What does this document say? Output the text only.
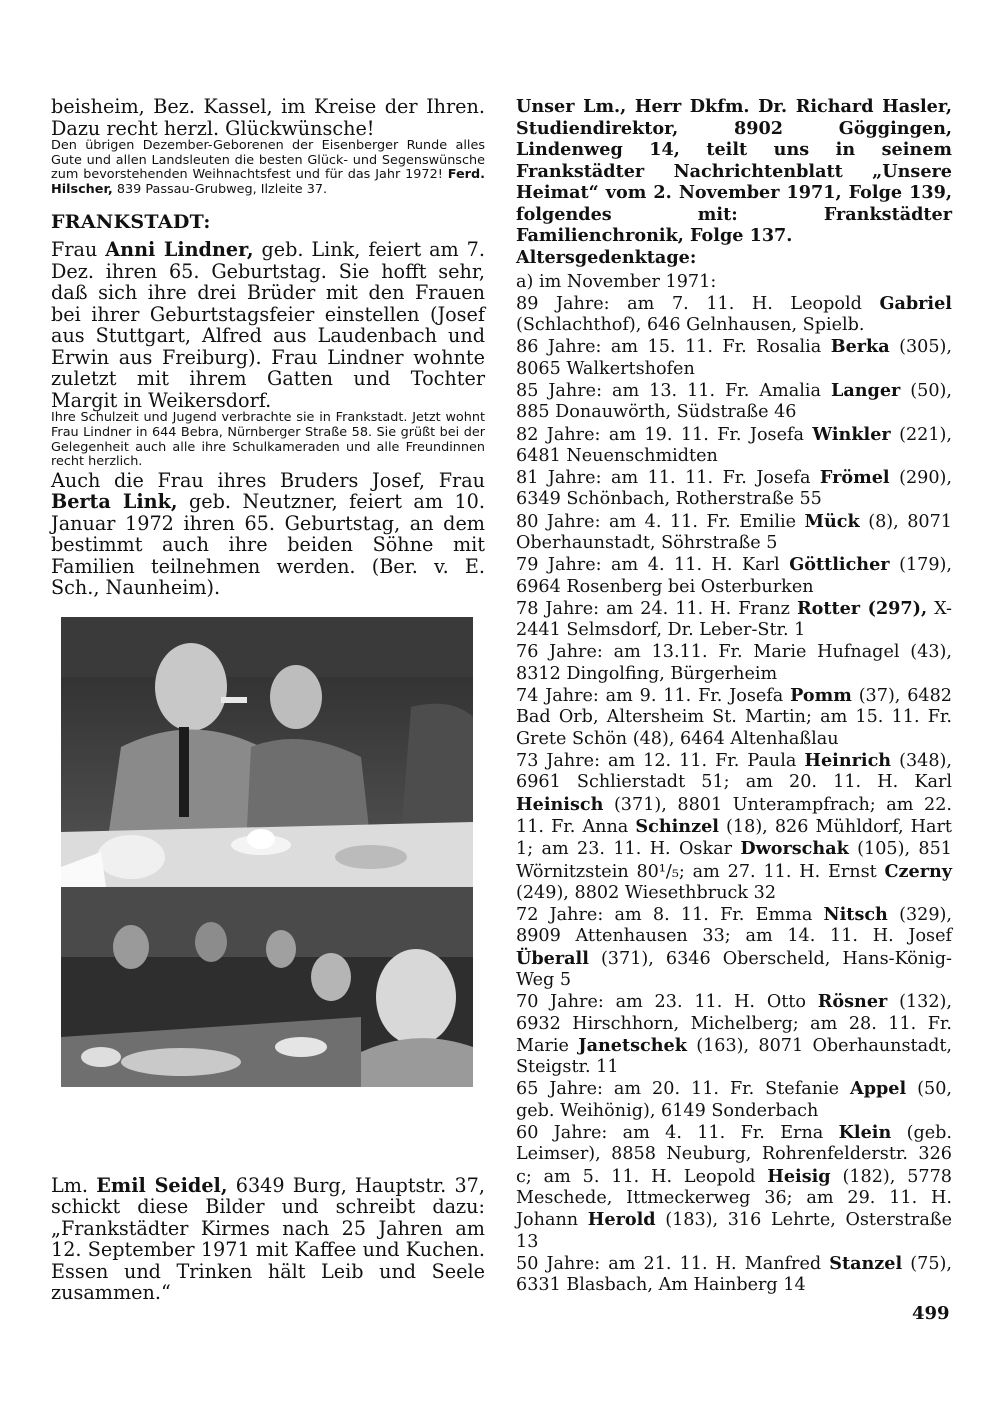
beisheim, Bez. Kassel, im Kreise der Ihren. Dazu recht herzl. Glückwünsche!

Den übrigen Dezember-Geborenen der Eisenberger Runde alles Gute und allen Landsleuten die besten Glück- und Segenswünsche zum bevorstehenden Weihnachtsfest und für das Jahr 1972! Ferd. Hilscher, 839 Passau-Grubweg, Ilzleite 37.

FRANKSTADT:

Frau Anni Lindner, geb. Link, feiert am 7. Dez. ihren 65. Geburtstag. Sie hofft sehr, daß sich ihre drei Brüder mit den Frauen bei ihrer Geburtstagsfeier einstellen (Josef aus Stuttgart, Alfred aus Laudenbach und Erwin aus Freiburg). Frau Lindner wohnte zuletzt mit ihrem Gatten und Tochter Margit in Weikersdorf.

Ihre Schulzeit und Jugend verbrachte sie in Frankstadt. Jetzt wohnt Frau Lindner in 644 Bebra, Nürnberger Straße 58. Sie grüßt bei der Gelegenheit auch alle ihre Schulkameraden und alle Freundinnen recht herzlich.

Auch die Frau ihres Bruders Josef, Frau Berta Link, geb. Neutzner, feiert am 10. Januar 1972 ihren 65. Geburtstag, an dem bestimmt auch ihre beiden Söhne mit Familien teilnehmen werden. (Ber. v. E. Sch., Naunheim).

Lm. Emil Seidel, 6349 Burg, Hauptstr. 37, schickt diese Bilder und schreibt dazu: „Frankstädter Kirmes nach 25 Jahren am 12. September 1971 mit Kaffee und Kuchen. Essen und Trinken hält Leib und Seele zusammen.“

Unser Lm., Herr Dkfm. Dr. Richard Hasler, Studiendirektor, 8902 Göggingen, Lindenweg 14, teilt uns in seinem Frankstädter Nachrichtenblatt „Unsere Heimat“ vom 2. November 1971, Folge 139, folgendes mit: Frankstädter Familienchronik, Folge 137.

Altersgedenktage:

a) im November 1971:

89 Jahre: am 7. 11. H. Leopold Gabriel (Schlachthof), 646 Gelnhausen, Spielb.

86 Jahre: am 15. 11. Fr. Rosalia Berka (305), 8065 Walkertshofen

85 Jahre: am 13. 11. Fr. Amalia Langer (50), 885 Donauwörth, Südstraße 46

82 Jahre: am 19. 11. Fr. Josefa Winkler (221), 6481 Neuenschmidten

81 Jahre: am 11. 11. Fr. Josefa Frömel (290), 6349 Schönbach, Rotherstraße 55

80 Jahre: am 4. 11. Fr. Emilie Mück (8), 8071 Oberhaunstadt, Söhrstraße 5

79 Jahre: am 4. 11. H. Karl Göttlicher (179), 6964 Rosenberg bei Osterburken

78 Jahre: am 24. 11. H. Franz Rotter (297), X-2441 Selmsdorf, Dr. Leber-Str. 1

76 Jahre: am 13.11. Fr. Marie Hufnagel (43), 8312 Dingolfing, Bürgerheim

74 Jahre: am 9. 11. Fr. Josefa Pomm (37), 6482 Bad Orb, Altersheim St. Martin; am 15. 11. Fr. Grete Schön (48), 6464 Altenhaßlau

73 Jahre: am 12. 11. Fr. Paula Heinrich (348), 6961 Schlierstadt 51; am 20. 11. H. Karl Heinisch (371), 8801 Unterampfrach; am 22. 11. Fr. Anna Schinzel (18), 826 Mühldorf, Hart 1; am 23. 11. H. Oskar Dworschak (105), 851 Wörnitzstein 80¹/₅; am 27. 11. H. Ernst Czerny (249), 8802 Wiesethbruck 32

72 Jahre: am 8. 11. Fr. Emma Nitsch (329), 8909 Attenhausen 33; am 14. 11. H. Josef Überall (371), 6346 Oberscheld, Hans-König-Weg 5

70 Jahre: am 23. 11. H. Otto Rösner (132), 6932 Hirschhorn, Michelberg; am 28. 11. Fr. Marie Janetschek (163), 8071 Oberhaunstadt, Steigstr. 11

65 Jahre: am 20. 11. Fr. Stefanie Appel (50, geb. Weihönig), 6149 Sonderbach

60 Jahre: am 4. 11. Fr. Erna Klein (geb. Leimser), 8858 Neuburg, Rohrenfelderstr. 326 c; am 5. 11. H. Leopold Heisig (182), 5778 Meschede, Ittmeckerweg 36; am 29. 11. H. Johann Herold (183), 316 Lehrte, Osterstraße 13

50 Jahre: am 21. 11. H. Manfred Stanzel (75), 6331 Blasbach, Am Hainberg 14

499
